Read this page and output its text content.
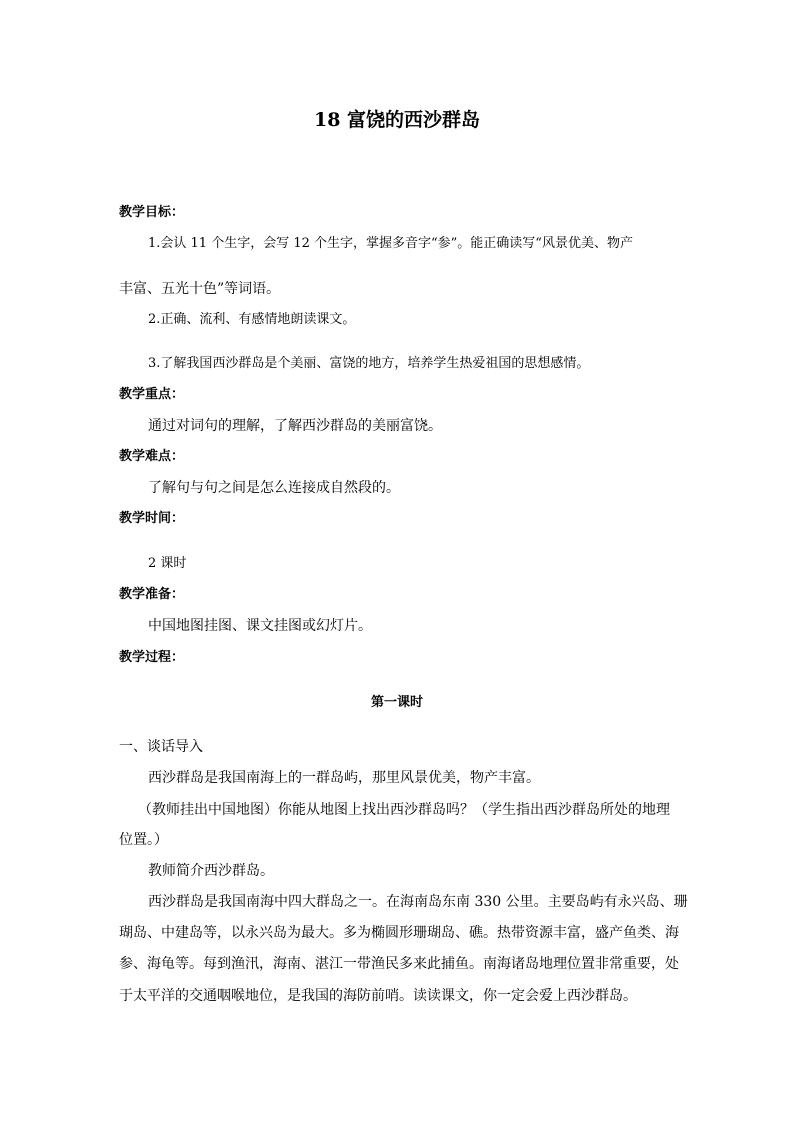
18 富饶的西沙群岛
教学目标：
1.会认 11 个生字，会写 12 个生字，掌握多音字“参”。能正确读写“风景优美、物产
丰富、五光十色”等词语。
2.正确、流利、有感情地朗读课文。
3.了解我国西沙群岛是个美丽、富饶的地方，培养学生热爱祖国的思想感情。
教学重点：
通过对词句的理解，了解西沙群岛的美丽富饶。
教学难点：
了解句与句之间是怎么连接成自然段的。
教学时间：
2 课时
教学准备：
中国地图挂图、课文挂图或幻灯片。
教学过程：
第一课时
一、谈话导入
西沙群岛是我国南海上的一群岛屿，那里风景优美，物产丰富。
（教师挂出中国地图）你能从地图上找出西沙群岛吗？（学生指出西沙群岛所处的地理
位置。）
教师简介西沙群岛。
西沙群岛是我国南海中四大群岛之一。在海南岛东南 330 公里。主要岛屿有永兴岛、珊
瑚岛、中建岛等，以永兴岛为最大。多为椭圆形珊瑚岛、礁。热带资源丰富，盛产鱼类、海
参、海龟等。每到渔汛，海南、湛江一带渔民多来此捕鱼。南海诸岛地理位置非常重要，处
于太平洋的交通咽喉地位，是我国的海防前哨。读读课文，你一定会爱上西沙群岛。
